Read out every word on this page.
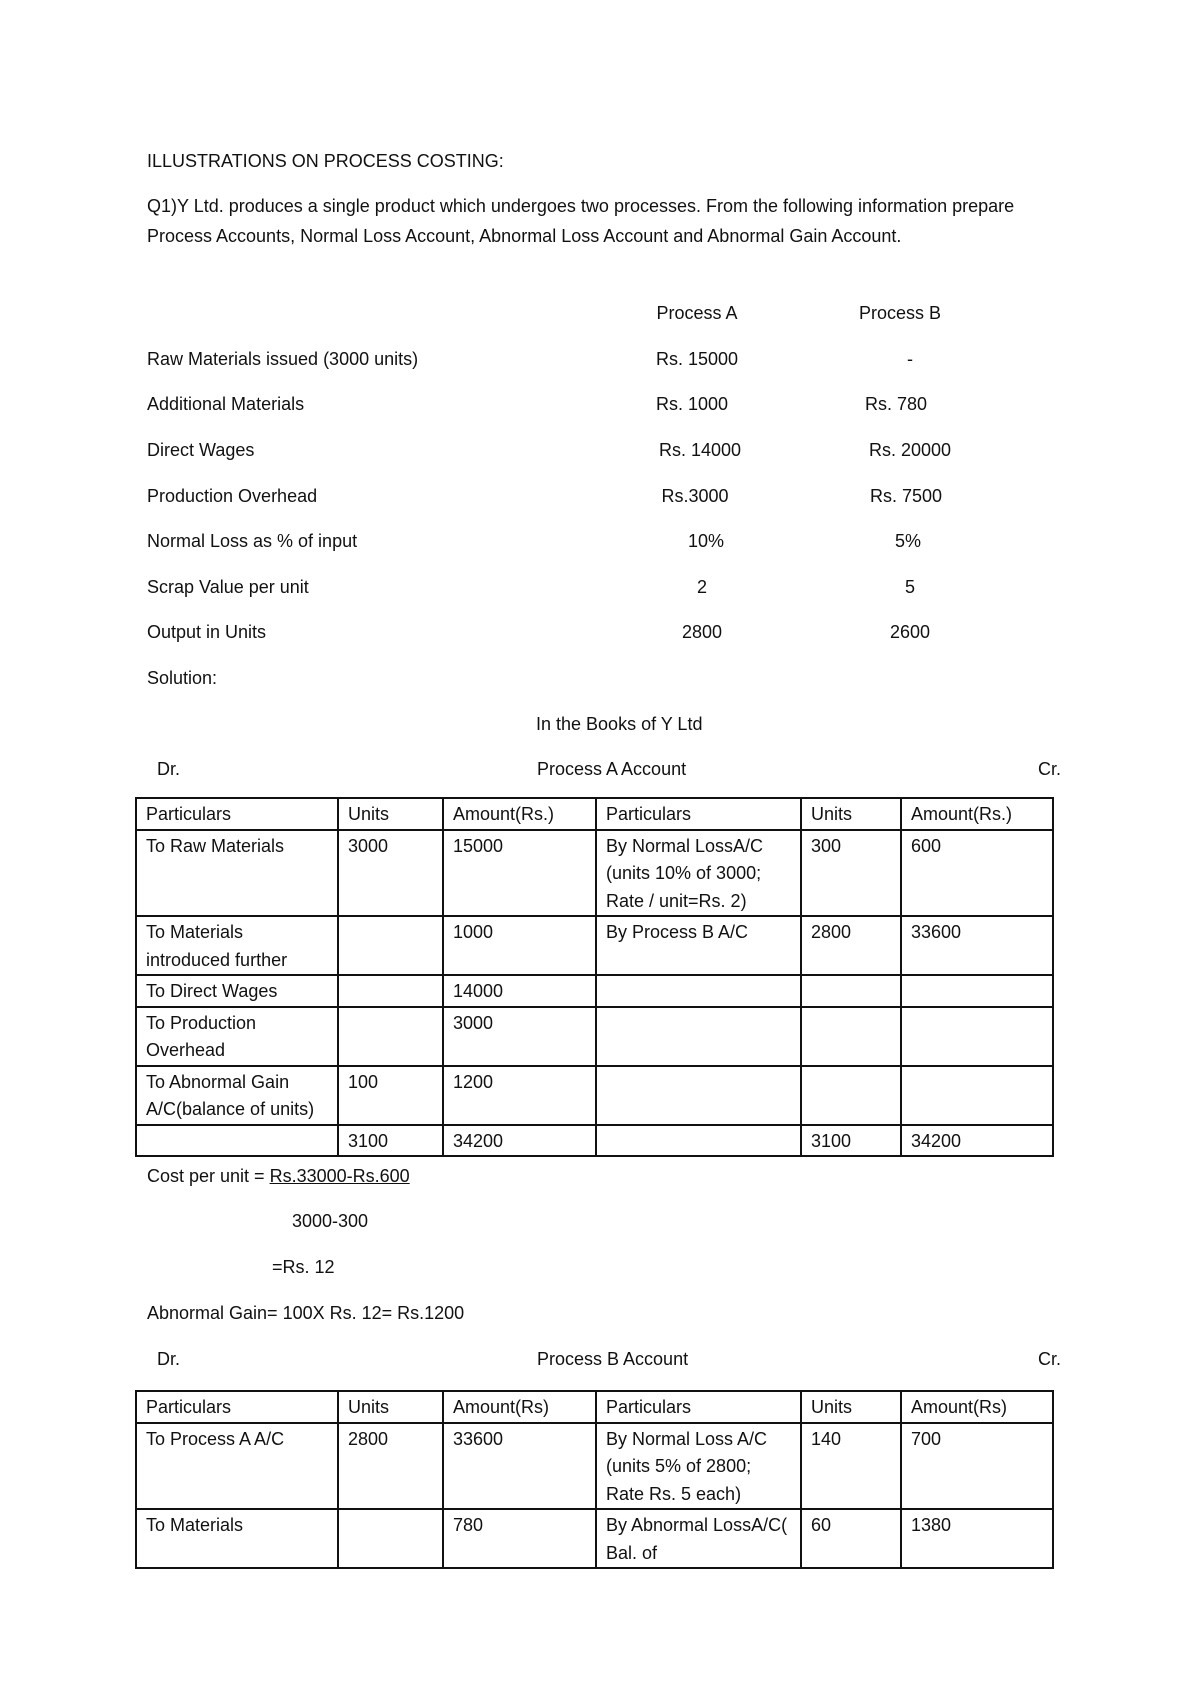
ILLUSTRATIONS ON PROCESS COSTING:
Q1)Y Ltd. produces a single product which undergoes two processes. From the following information prepare Process Accounts, Normal Loss Account, Abnormal Loss Account and Abnormal Gain Account.
Process A	Process B
Raw Materials issued (3000 units)	Rs. 15000	-
Additional Materials	Rs. 1000	Rs. 780
Direct Wages	Rs. 14000	Rs. 20000
Production Overhead	Rs.3000	Rs. 7500
Normal Loss as % of input	10%	5%
Scrap Value per unit	2	5
Output in Units	2800	2600
Solution:
In the Books of Y Ltd
Dr.	Process A Account	Cr.
Particulars	Units	Amount(Rs.)	Particulars	Units	Amount(Rs.)
To Raw Materials	3000	15000	By Normal LossA/C (units 10% of 3000; Rate / unit=Rs. 2)	300	600
To Materials introduced further		1000	By Process B A/C	2800	33600
To Direct Wages		14000			
To Production Overhead		3000			
To Abnormal Gain A/C(balance of units)	100	1200			
	3100	34200		3100	34200
Cost per unit = Rs.33000-Rs.600
3000-300
=Rs. 12
Abnormal Gain= 100X Rs. 12= Rs.1200
Dr.	Process B Account	Cr.
Particulars	Units	Amount(Rs)	Particulars	Units	Amount(Rs)
To Process A A/C	2800	33600	By Normal Loss A/C (units 5% of 2800; Rate Rs. 5 each)	140	700
To Materials		780	By Abnormal LossA/C( Bal. of	60	1380
